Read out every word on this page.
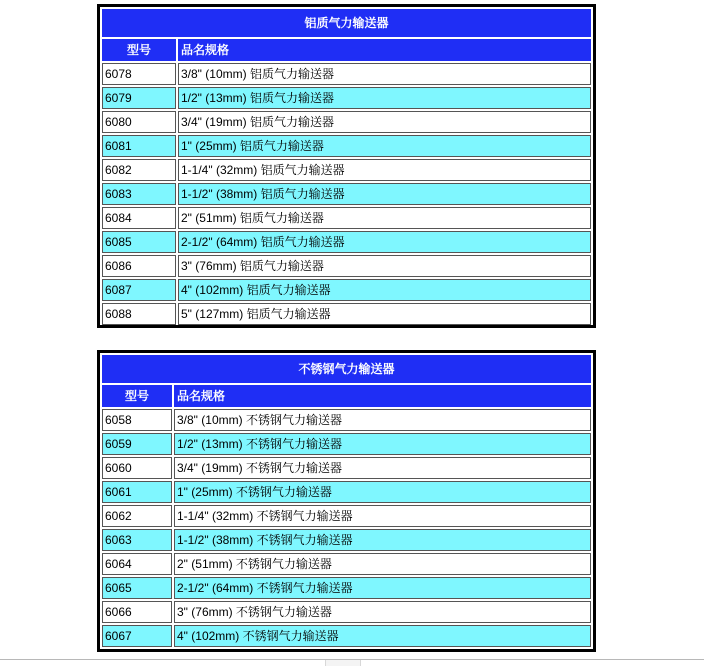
铝质气力输送器
型号	品名规格
6078	3/8" (10mm) 铝质气力输送器
6079	1/2" (13mm) 铝质气力输送器
6080	3/4" (19mm) 铝质气力输送器
6081	1" (25mm) 铝质气力输送器
6082	1-1/4" (32mm) 铝质气力输送器
6083	1-1/2" (38mm) 铝质气力输送器
6084	2" (51mm) 铝质气力输送器
6085	2-1/2" (64mm) 铝质气力输送器
6086	3" (76mm) 铝质气力输送器
6087	4" (102mm) 铝质气力输送器
6088	5" (127mm) 铝质气力输送器
不锈钢气力输送器
型号	品名规格
6058	3/8" (10mm) 不锈钢气力输送器
6059	1/2" (13mm) 不锈钢气力输送器
6060	3/4" (19mm) 不锈钢气力输送器
6061	1" (25mm) 不锈钢气力输送器
6062	1-1/4" (32mm) 不锈钢气力输送器
6063	1-1/2" (38mm) 不锈钢气力输送器
6064	2" (51mm) 不锈钢气力输送器
6065	2-1/2" (64mm) 不锈钢气力输送器
6066	3" (76mm) 不锈钢气力输送器
6067	4" (102mm) 不锈钢气力输送器
